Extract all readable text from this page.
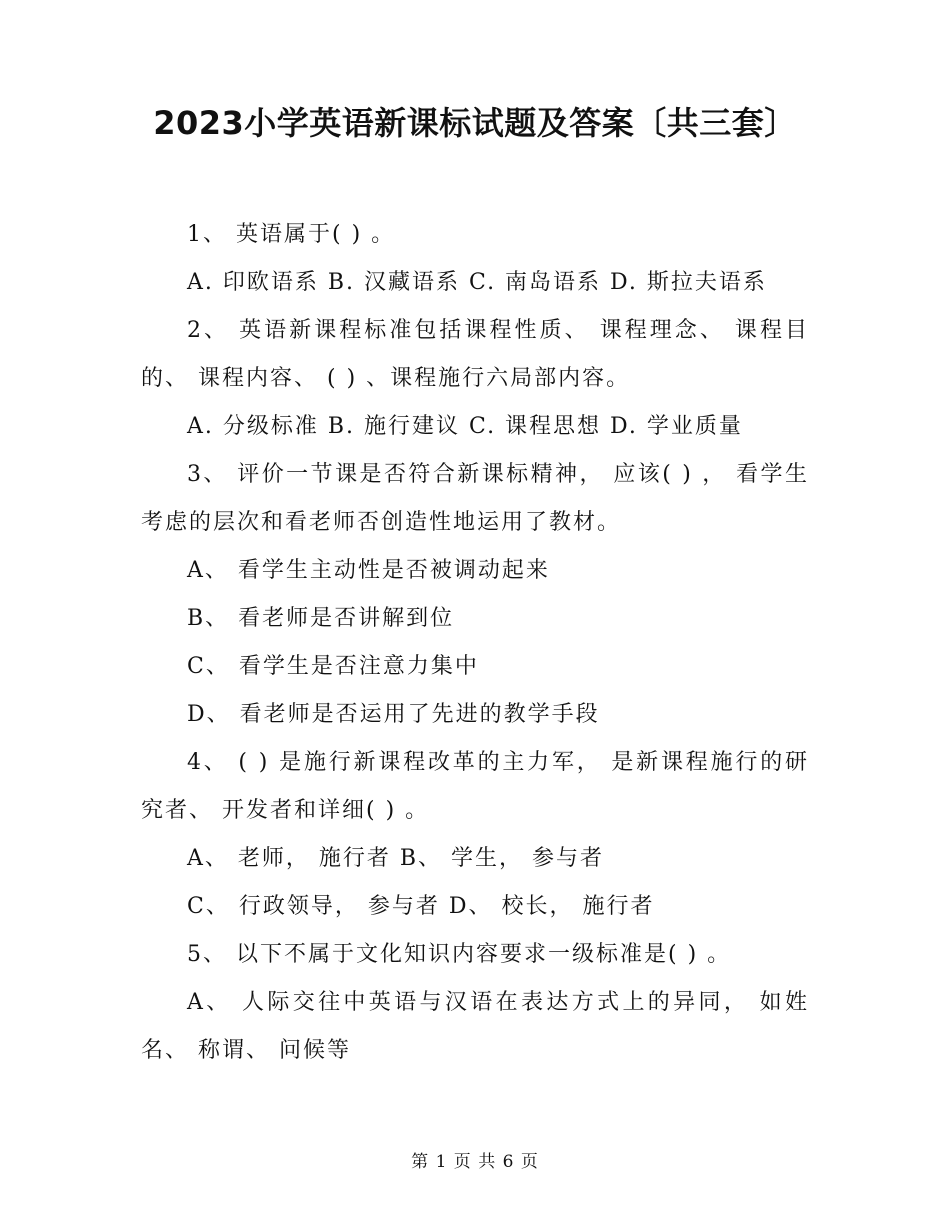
2023小学英语新课标试题及答案〔共三套〕

1、 英语属于( ) 。

A. 印欧语系 B. 汉藏语系 C. 南岛语系 D. 斯拉夫语系

2、 英语新课程标准包括课程性质、 课程理念、 课程目的、 课程内容、 ( ) 、课程施行六局部内容。

A. 分级标准 B. 施行建议 C. 课程思想 D. 学业质量

3、 评价一节课是否符合新课标精神， 应该( ) ， 看学生考虑的层次和看老师否创造性地运用了教材。

A、 看学生主动性是否被调动起来

B、 看老师是否讲解到位

C、 看学生是否注意力集中

D、 看老师是否运用了先进的教学手段

4、 ( ) 是施行新课程改革的主力军， 是新课程施行的研究者、 开发者和详细( ) 。

A、 老师， 施行者 B、 学生， 参与者

C、 行政领导， 参与者 D、 校长， 施行者

5、 以下不属于文化知识内容要求一级标准是( ) 。

A、 人际交往中英语与汉语在表达方式上的异同， 如姓名、 称谓、 问候等

第 1 页 共 6 页
